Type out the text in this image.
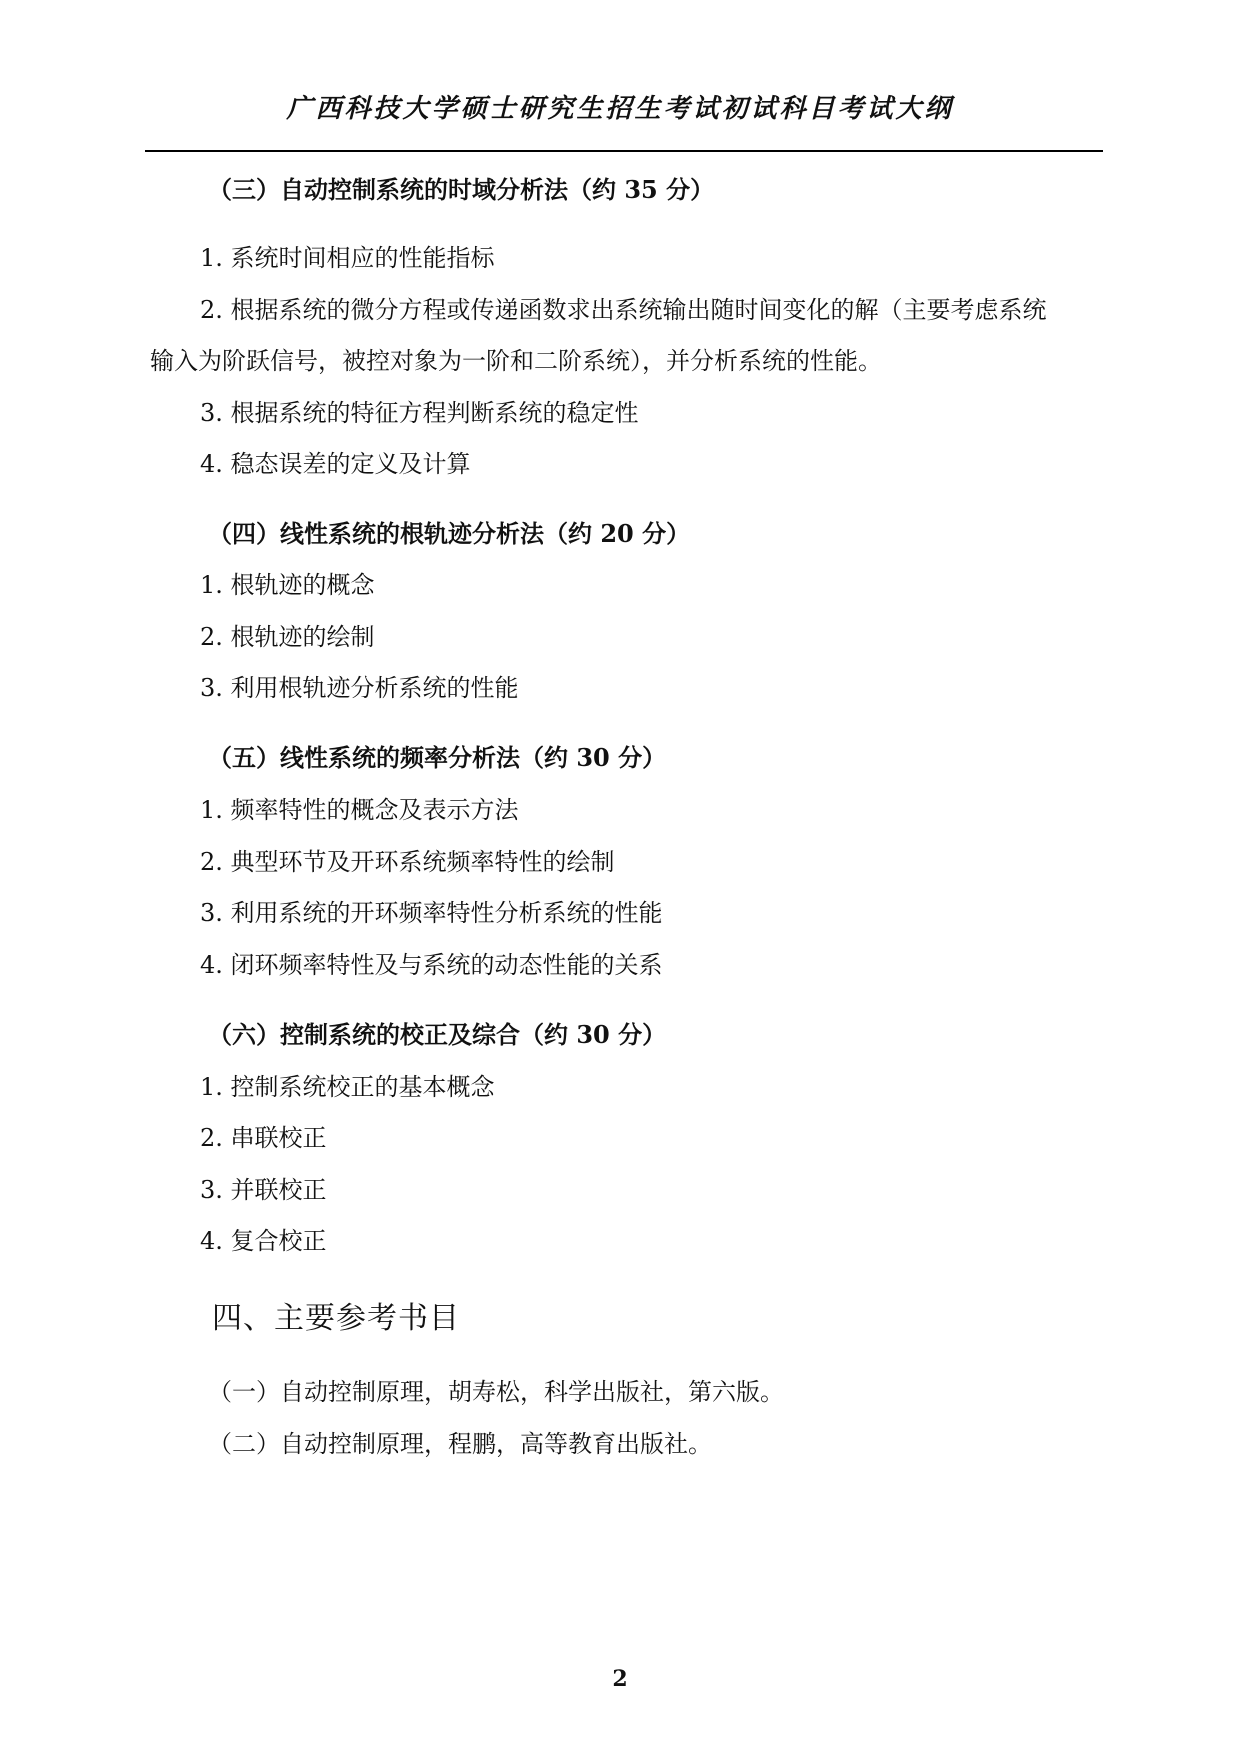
广西科技大学硕士研究生招生考试初试科目考试大纲
（三）自动控制系统的时域分析法（约 35 分）
1. 系统时间相应的性能指标
2. 根据系统的微分方程或传递函数求出系统输出随时间变化的解（主要考虑系统
输入为阶跃信号，被控对象为一阶和二阶系统），并分析系统的性能。
3. 根据系统的特征方程判断系统的稳定性
4. 稳态误差的定义及计算
（四）线性系统的根轨迹分析法（约 20 分）
1. 根轨迹的概念
2. 根轨迹的绘制
3. 利用根轨迹分析系统的性能
（五）线性系统的频率分析法（约 30 分）
1. 频率特性的概念及表示方法
2. 典型环节及开环系统频率特性的绘制
3. 利用系统的开环频率特性分析系统的性能
4. 闭环频率特性及与系统的动态性能的关系
（六）控制系统的校正及综合（约 30 分）
1. 控制系统校正的基本概念
2. 串联校正
3. 并联校正
4. 复合校正
四、主要参考书目
（一）自动控制原理，胡寿松，科学出版社，第六版。
（二）自动控制原理，程鹏，高等教育出版社。
2
